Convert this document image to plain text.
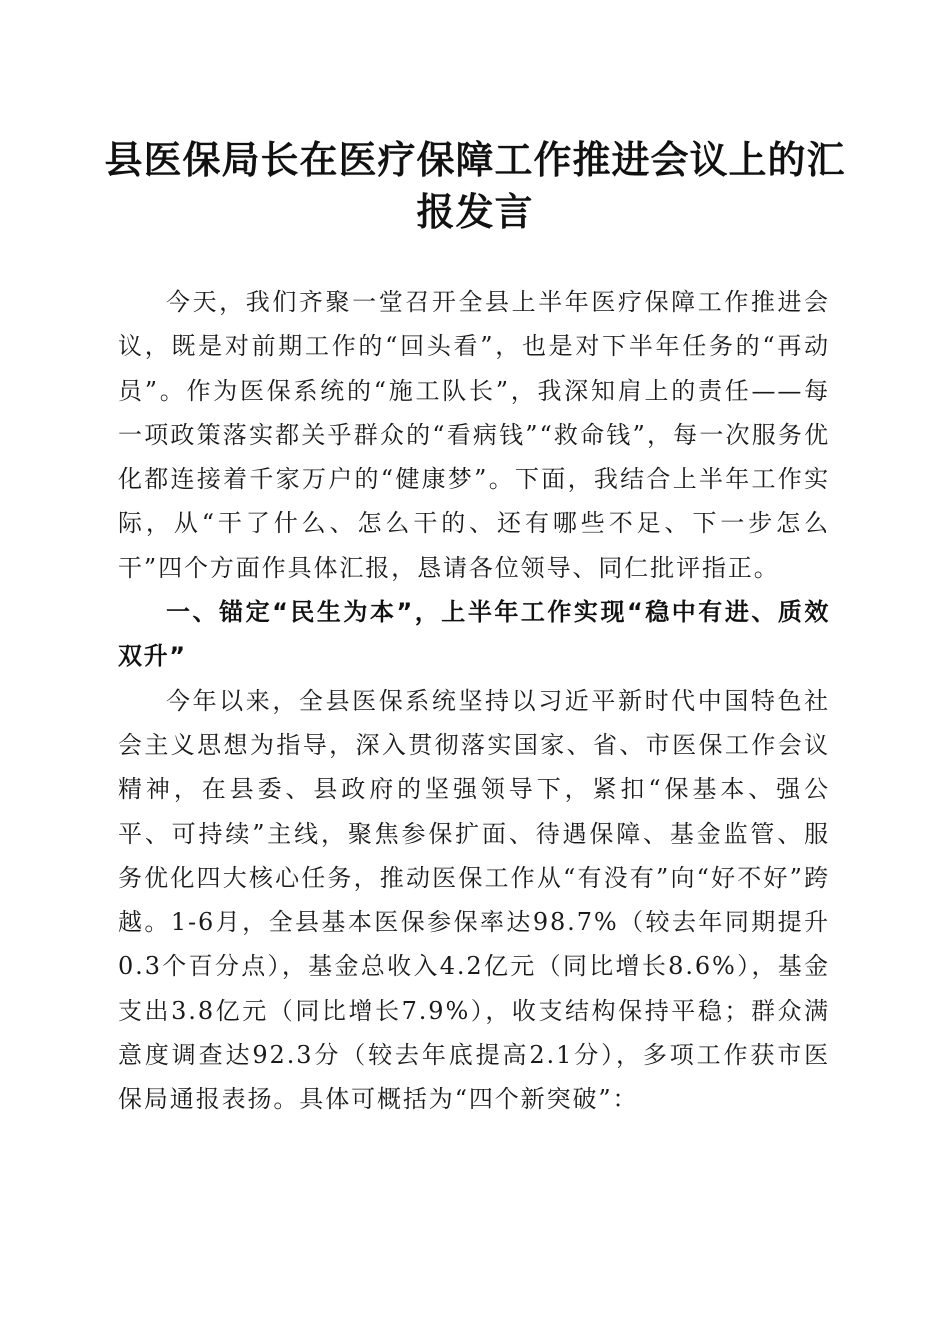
县医保局长在医疗保障工作推进会议上的汇报发言

今天，我们齐聚一堂召开全县上半年医疗保障工作推进会议，既是对前期工作的“回头看”，也是对下半年任务的“再动员”。作为医保系统的“施工队长”，我深知肩上的责任——每一项政策落实都关乎群众的“看病钱”“救命钱”，每一次服务优化都连接着千家万户的“健康梦”。下面，我结合上半年工作实际，从“干了什么、怎么干的、还有哪些不足、下一步怎么干”四个方面作具体汇报，恳请各位领导、同仁批评指正。

一、锚定“民生为本”，上半年工作实现“稳中有进、质效双升”

今年以来，全县医保系统坚持以习近平新时代中国特色社会主义思想为指导，深入贯彻落实国家、省、市医保工作会议精神，在县委、县政府的坚强领导下，紧扣“保基本、强公平、可持续”主线，聚焦参保扩面、待遇保障、基金监管、服务优化四大核心任务，推动医保工作从“有没有”向“好不好”跨越。1-6月，全县基本医保参保率达98.7%（较去年同期提升0.3个百分点），基金总收入4.2亿元（同比增长8.6%），基金支出3.8亿元（同比增长7.9%），收支结构保持平稳；群众满意度调查达92.3分（较去年底提高2.1分），多项工作获市医保局通报表扬。具体可概括为“四个新突破”：
